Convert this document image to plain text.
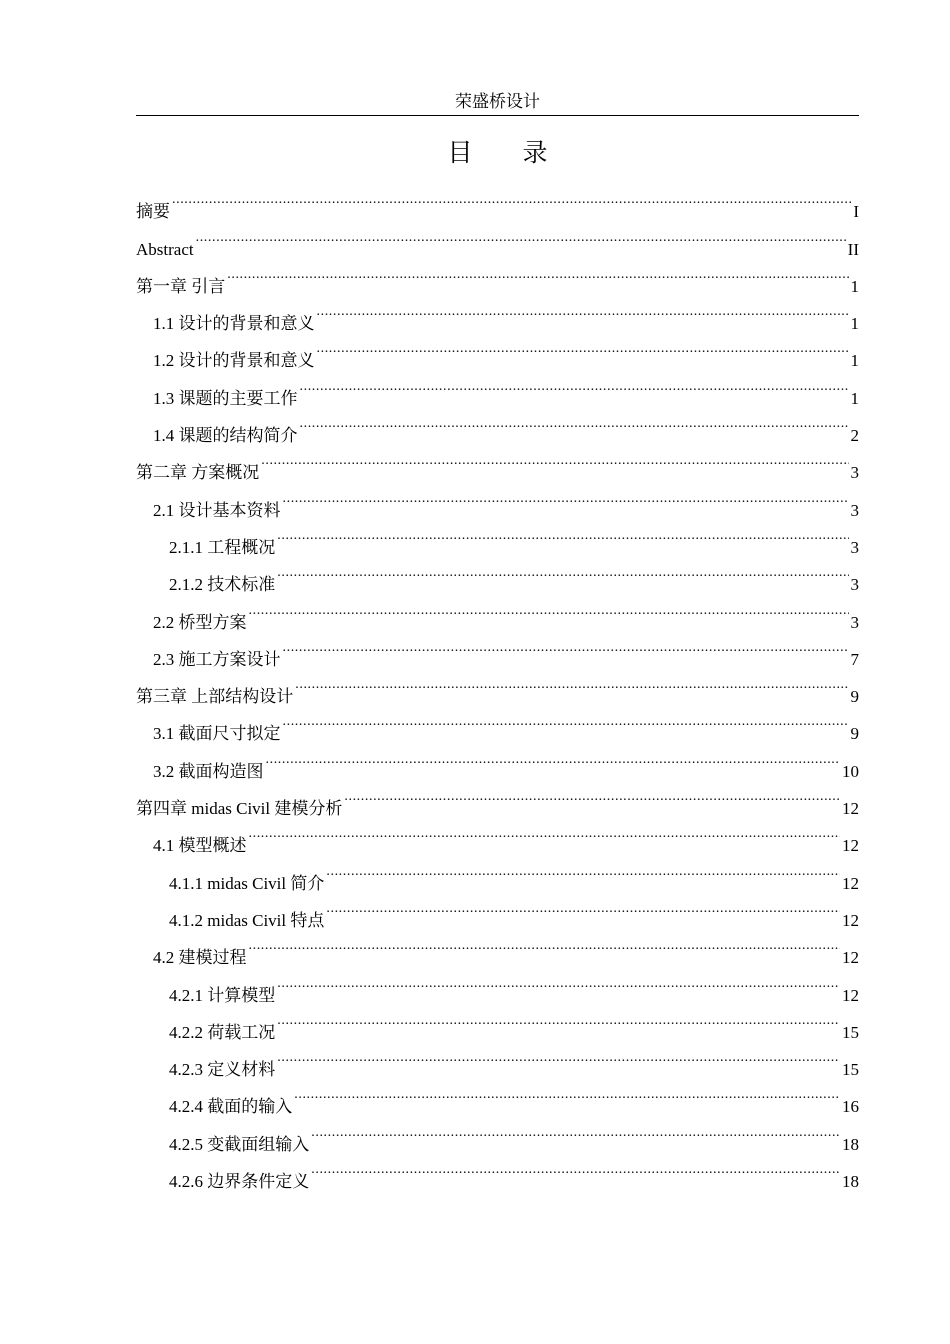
荣盛桥设计
目　　录
摘要 .....	I
Abstract .....	II
第一章 引言 .....	1
1.1 设计的背景和意义 .....	1
1.2 设计的背景和意义 .....	1
1.3 课题的主要工作 .....	1
1.4 课题的结构简介 .....	2
第二章 方案概况 .....	3
2.1 设计基本资料 .....	3
2.1.1 工程概况 .....	3
2.1.2 技术标准 .....	3
2.2 桥型方案 .....	3
2.3 施工方案设计 .....	7
第三章 上部结构设计 .....	9
3.1 截面尺寸拟定 .....	9
3.2 截面构造图 .....	10
第四章 midas Civil 建模分析 .....	12
4.1 模型概述 .....	12
4.1.1 midas Civil 简介 .....	12
4.1.2 midas Civil 特点 .....	12
4.2 建模过程 .....	12
4.2.1 计算模型 .....	12
4.2.2 荷载工况 .....	15
4.2.3 定义材料 .....	15
4.2.4 截面的输入 .....	16
4.2.5 变截面组输入 .....	18
4.2.6 边界条件定义 .....	18
